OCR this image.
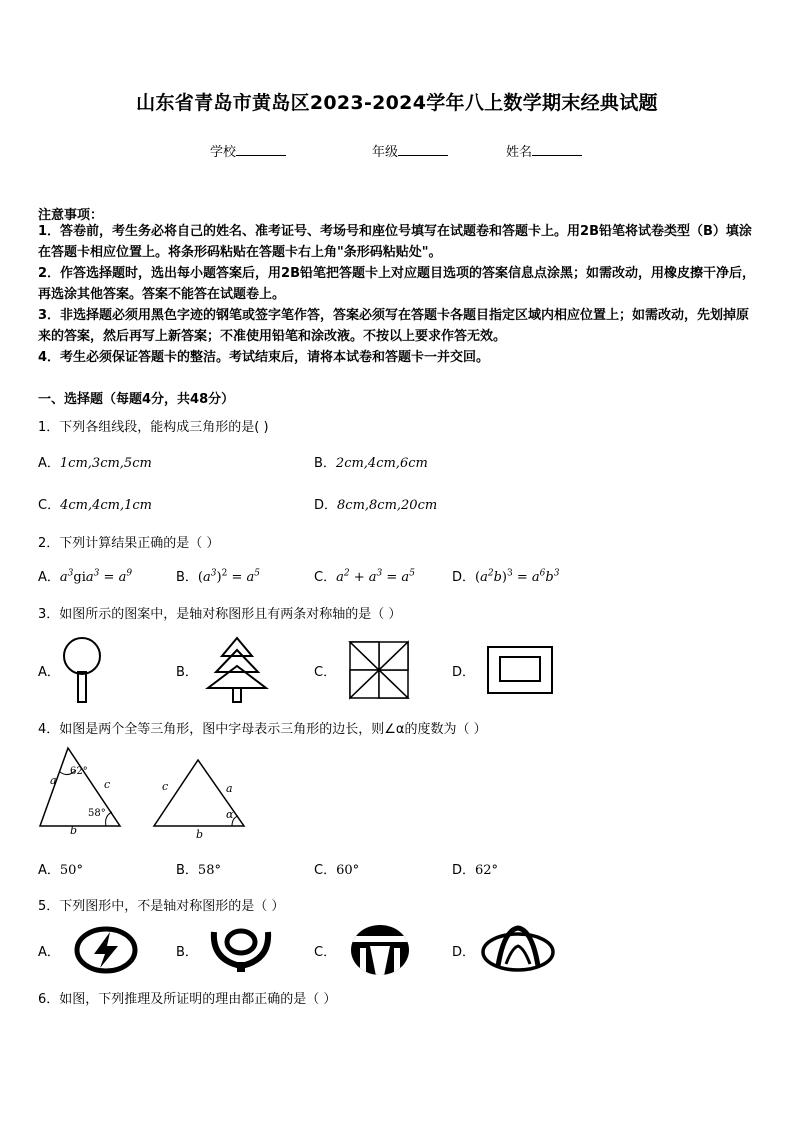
山东省青岛市黄岛区2023-2024学年八上数学期末经典试题
学校	年级	姓名
注意事项：
1．答卷前，考生务必将自己的姓名、准考证号、考场号和座位号填写在试题卷和答题卡上。用2B铅笔将试卷类型（B）填涂在答题卡相应位置上。将条形码粘贴在答题卡右上角"条形码粘贴处"。
2．作答选择题时，选出每小题答案后，用2B铅笔把答题卡上对应题目选项的答案信息点涂黑；如需改动，用橡皮擦干净后，再选涂其他答案。答案不能答在试题卷上。
3．非选择题必须用黑色字迹的钢笔或签字笔作答，答案必须写在答题卡各题目指定区域内相应位置上；如需改动，先划掉原来的答案，然后再写上新答案；不准使用铅笔和涂改液。不按以上要求作答无效。
4．考生必须保证答题卡的整洁。考试结束后，请将本试卷和答题卡一并交回。
一、选择题（每题4分，共48分）
1．下列各组线段，能构成三角形的是( )
A．1cm,3cm,5cm	B．2cm,4cm,6cm
C．4cm,4cm,1cm	D．8cm,8cm,20cm
2．下列计算结果正确的是（ ）
A．$a^3gia^3 = a^9$	B．$(a^3)^2 = a^5$	C．$a^2 + a^3 = a^5$	D．$(a^2b)^3 = a^6b^3$
3．如图所示的图案中，是轴对称图形且有两条对称轴的是（ ）
A．	B．	C．	D．
4．如图是两个全等三角形，图中字母表示三角形的边长，则∠α的度数为（ ）
a	c
b
62°
58°
c	a
b
α
A．50°	B．58°	C．60°	D．62°
5．下列图形中，不是轴对称图形的是（ ）
A．	B．	C．	D．
6．如图，下列推理及所证明的理由都正确的是（ ）
